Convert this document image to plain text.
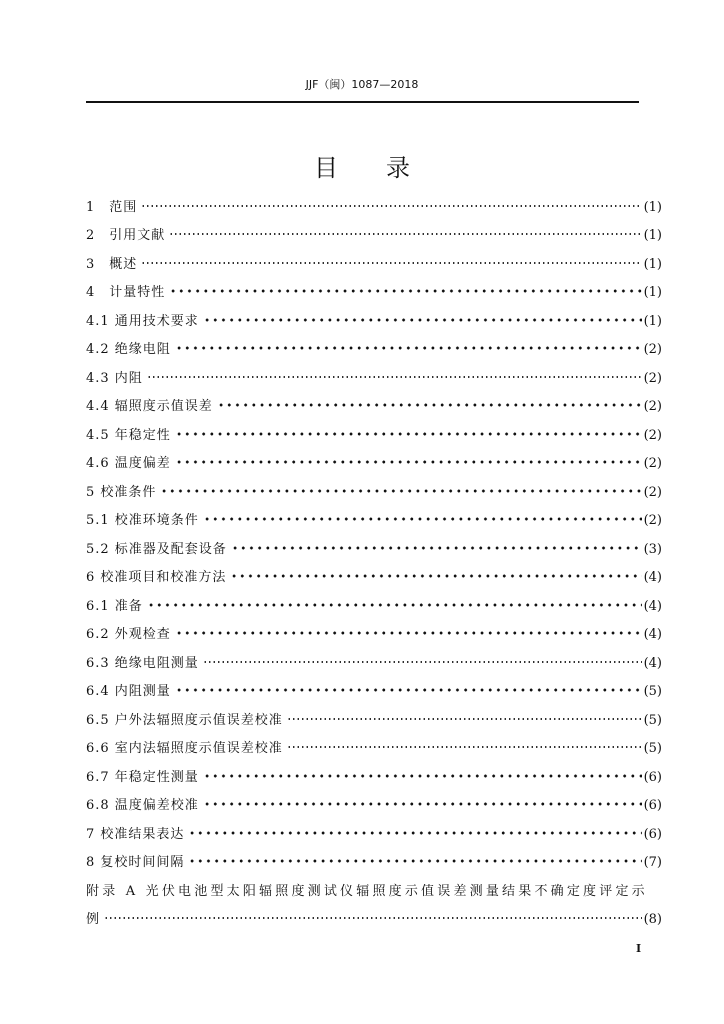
JJF（闽）1087—2018
目录
1　范围	(1)
2　引用文献	(1)
3　概述	(1)
4　计量特性	(1)
4.1 通用技术要求	(1)
4.2 绝缘电阻	(2)
4.3 内阻	(2)
4.4 辐照度示值误差	(2)
4.5 年稳定性	(2)
4.6 温度偏差	(2)
5 校准条件	(2)
5.1 校准环境条件	(2)
5.2 标准器及配套设备	(3)
6 校准项目和校准方法	(4)
6.1 准备	(4)
6.2 外观检查	(4)
6.3 绝缘电阻测量	(4)
6.4 内阻测量	(5)
6.5 户外法辐照度示值误差校准	(5)
6.6 室内法辐照度示值误差校准	(5)
6.7 年稳定性测量	(6)
6.8 温度偏差校准	(6)
7 校准结果表达	(6)
8 复校时间间隔	(7)
附录 A 光伏电池型太阳辐照度测试仪辐照度示值误差测量结果不确定度评定示
例	(8)
I
